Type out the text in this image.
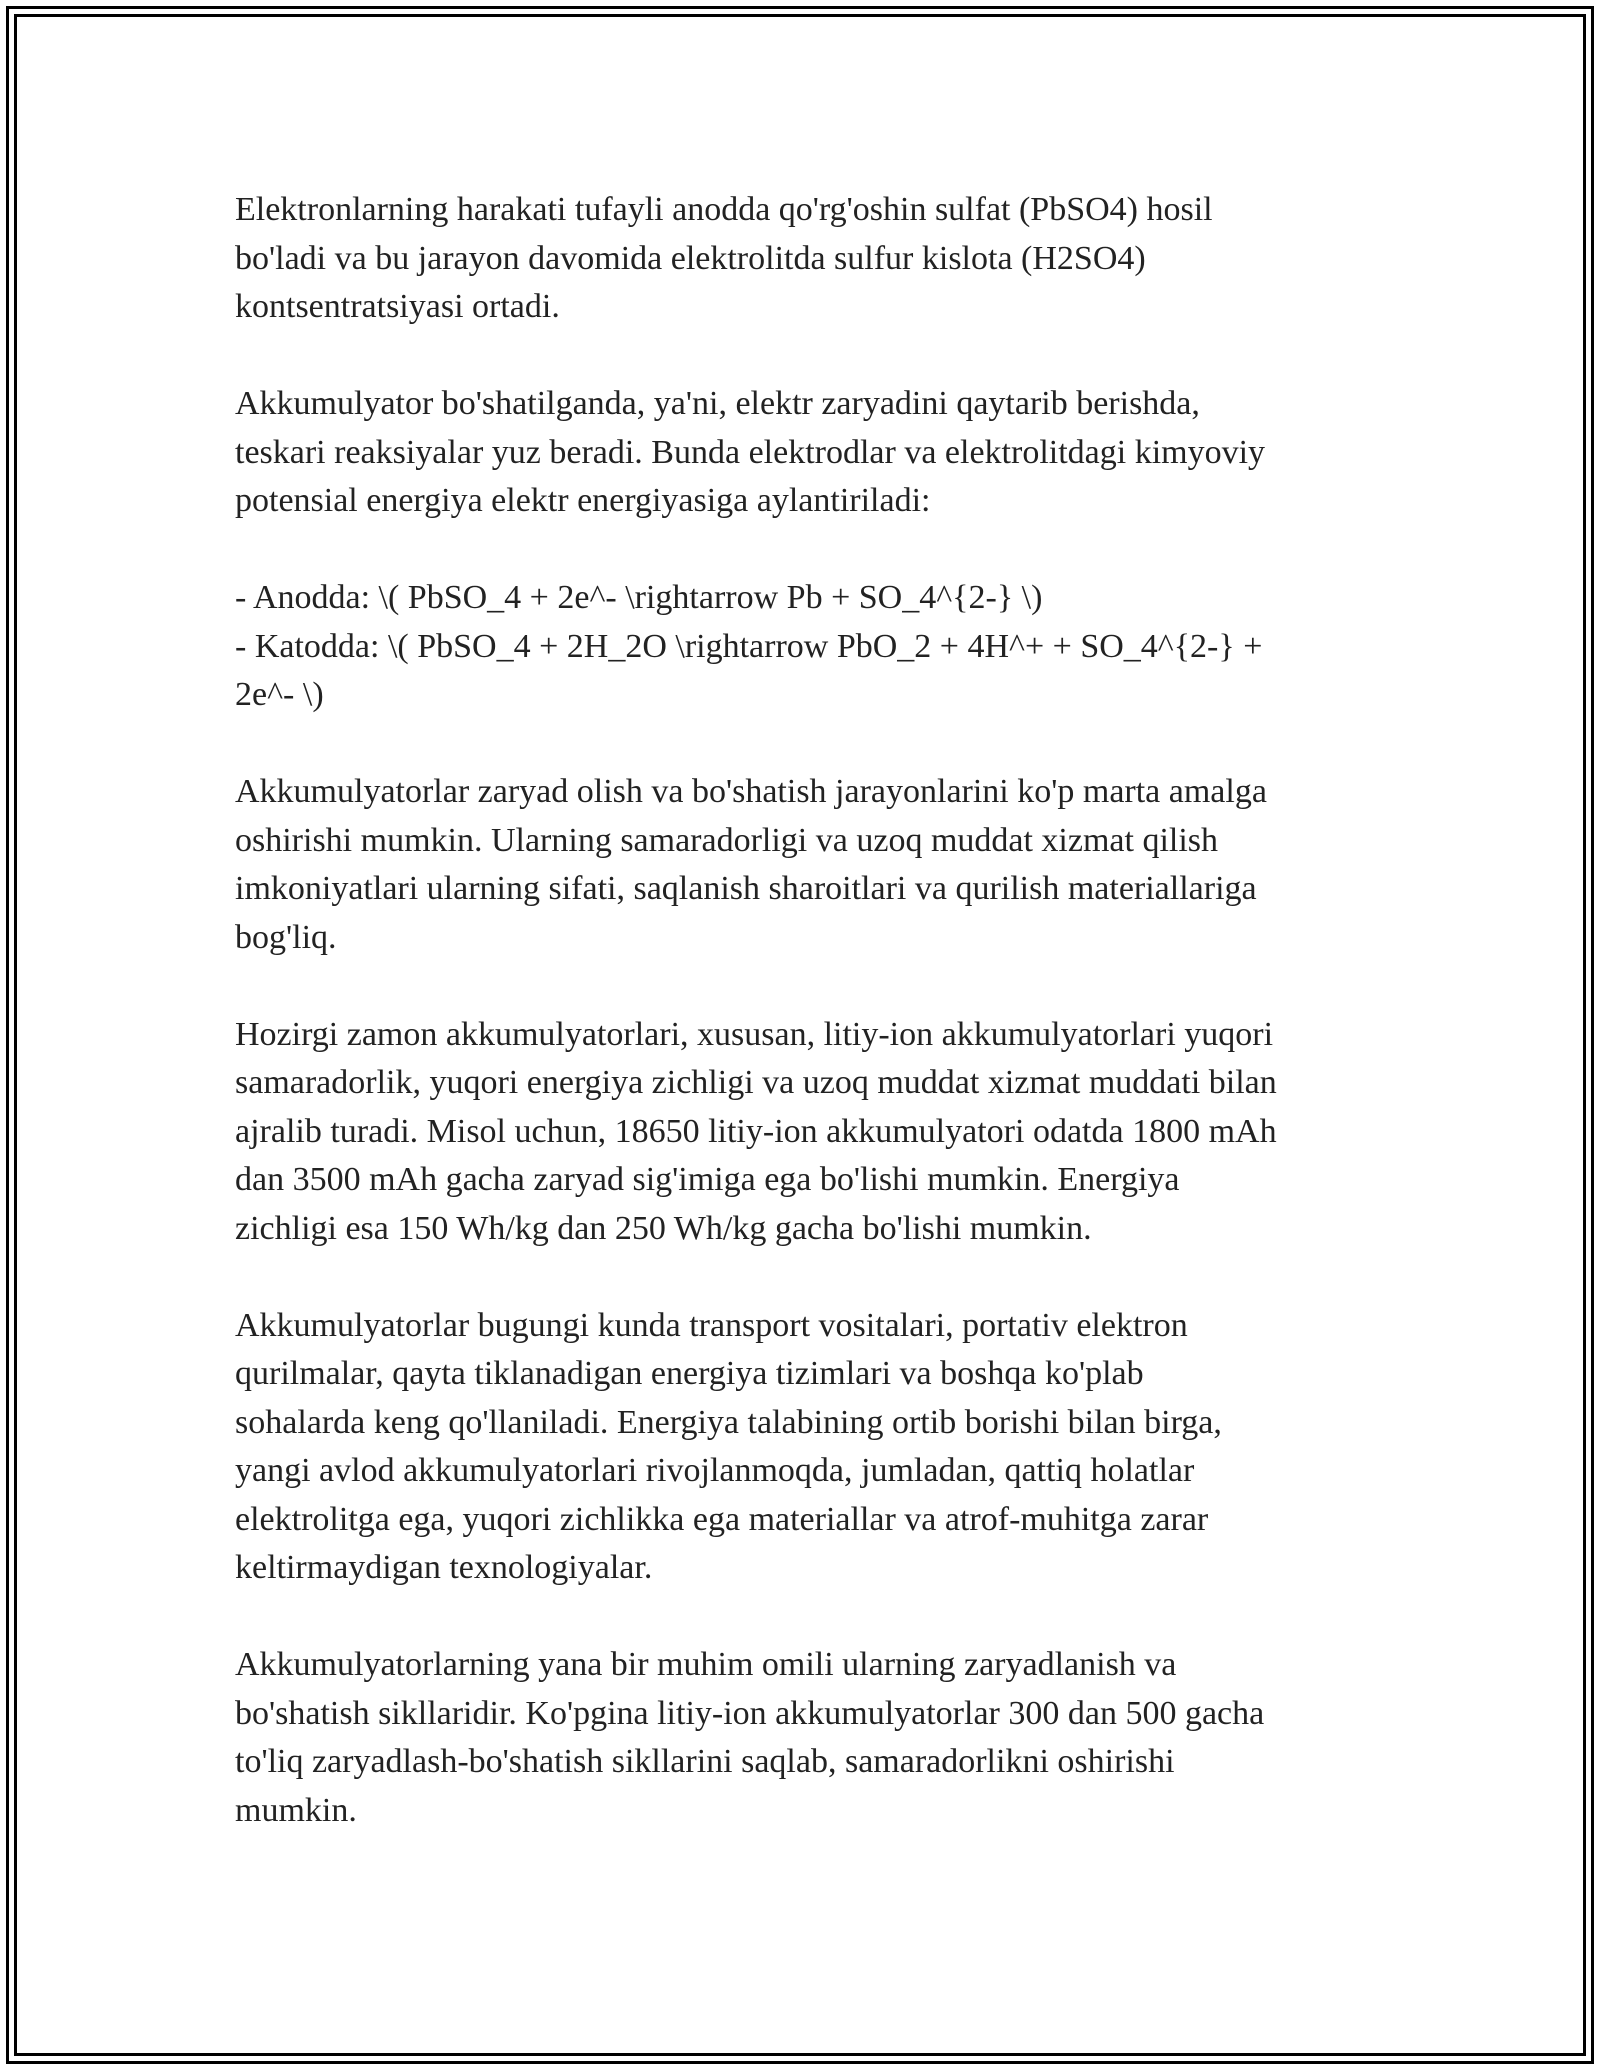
Elektronlarning harakati tufayli anodda qo'rg'oshin sulfat (PbSO4) hosil
bo'ladi va bu jarayon davomida elektrolitda sulfur kislota (H2SO4)
kontsentratsiyasi ortadi.
Akkumulyator bo'shatilganda, ya'ni, elektr zaryadini qaytarib berishda,
teskari reaksiyalar yuz beradi. Bunda elektrodlar va elektrolitdagi kimyoviy
potensial energiya elektr energiyasiga aylantiriladi:
- Anodda: \( PbSO_4 + 2e^- \rightarrow Pb + SO_4^{2-} \)
- Katodda: \( PbSO_4 + 2H_2O \rightarrow PbO_2 + 4H^+ + SO_4^{2-} +
2e^- \)
Akkumulyatorlar zaryad olish va bo'shatish jarayonlarini ko'p marta amalga
oshirishi mumkin. Ularning samaradorligi va uzoq muddat xizmat qilish
imkoniyatlari ularning sifati, saqlanish sharoitlari va qurilish materiallariga
bog'liq.
Hozirgi zamon akkumulyatorlari, xususan, litiy-ion akkumulyatorlari yuqori
samaradorlik, yuqori energiya zichligi va uzoq muddat xizmat muddati bilan
ajralib turadi. Misol uchun, 18650 litiy-ion akkumulyatori odatda 1800 mAh
dan 3500 mAh gacha zaryad sig'imiga ega bo'lishi mumkin. Energiya
zichligi esa 150 Wh/kg dan 250 Wh/kg gacha bo'lishi mumkin.
Akkumulyatorlar bugungi kunda transport vositalari, portativ elektron
qurilmalar, qayta tiklanadigan energiya tizimlari va boshqa ko'plab
sohalarda keng qo'llaniladi. Energiya talabining ortib borishi bilan birga,
yangi avlod akkumulyatorlari rivojlanmoqda, jumladan, qattiq holatlar
elektrolitga ega, yuqori zichlikka ega materiallar va atrof-muhitga zarar
keltirmaydigan texnologiyalar.
Akkumulyatorlarning yana bir muhim omili ularning zaryadlanish va
bo'shatish sikllaridir. Ko'pgina litiy-ion akkumulyatorlar 300 dan 500 gacha
to'liq zaryadlash-bo'shatish sikllarini saqlab, samaradorlikni oshirishi
mumkin.
